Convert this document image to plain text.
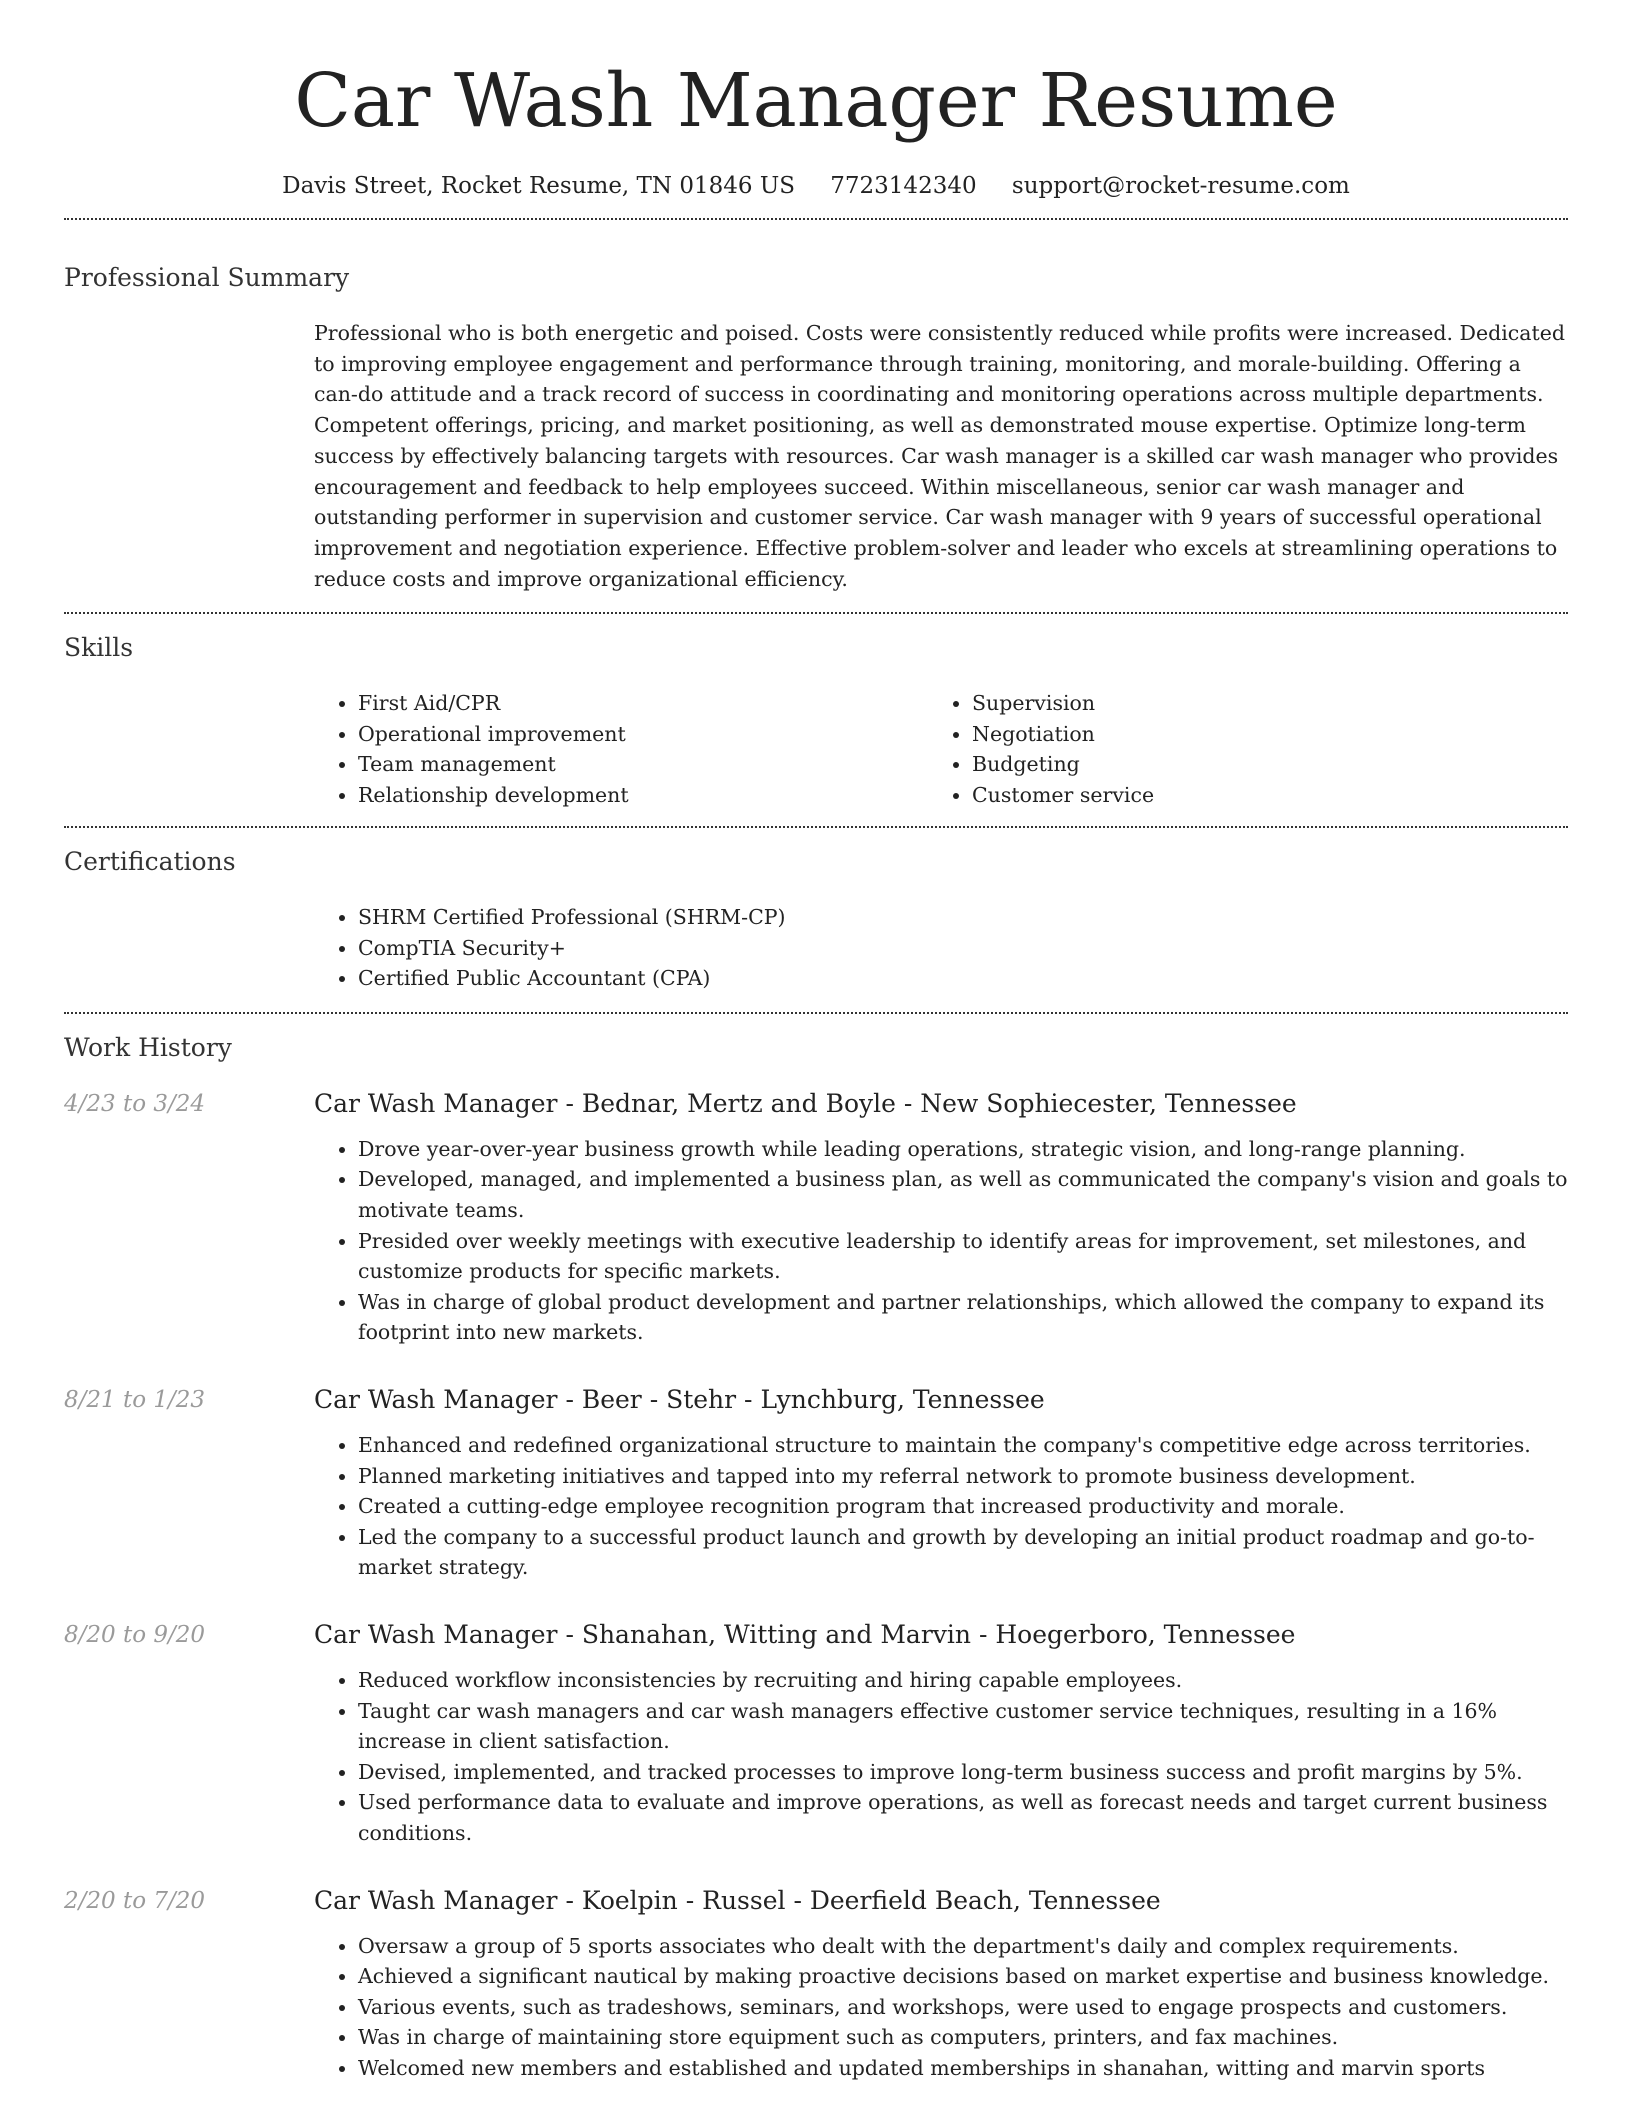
Car Wash Manager Resume
Davis Street, Rocket Resume, TN 01846 US 7723142340 support@rocket-resume.com
Professional Summary

Professional who is both energetic and poised. Costs were consistently reduced while profits were increased. Dedicated to improving employee engagement and performance through training, monitoring, and morale-building. Offering a can-do attitude and a track record of success in coordinating and monitoring operations across multiple departments. Competent offerings, pricing, and market positioning, as well as demonstrated mouse expertise. Optimize long-term success by effectively balancing targets with resources. Car wash manager is a skilled car wash manager who provides encouragement and feedback to help employees succeed. Within miscellaneous, senior car wash manager and outstanding performer in supervision and customer service. Car wash manager with 9 years of successful operational improvement and negotiation experience. Effective problem-solver and leader who excels at streamlining operations to reduce costs and improve organizational efficiency.

Skills
• First Aid/CPR
• Operational improvement
• Team management
• Relationship development
• Supervision
• Negotiation
• Budgeting
• Customer service
Certifications
• SHRM Certified Professional (SHRM-CP)
• CompTIA Security+
• Certified Public Accountant (CPA)
Work History
4/23 to 3/24	Car Wash Manager - Bednar, Mertz and Boyle - New Sophiecester, Tennessee
• Drove year-over-year business growth while leading operations, strategic vision, and long-range planning.
• Developed, managed, and implemented a business plan, as well as communicated the company's vision and goals to motivate teams.
• Presided over weekly meetings with executive leadership to identify areas for improvement, set milestones, and customize products for specific markets.
• Was in charge of global product development and partner relationships, which allowed the company to expand its footprint into new markets.
8/21 to 1/23	Car Wash Manager - Beer - Stehr - Lynchburg, Tennessee
• Enhanced and redefined organizational structure to maintain the company's competitive edge across territories.
• Planned marketing initiatives and tapped into my referral network to promote business development.
• Created a cutting-edge employee recognition program that increased productivity and morale.
• Led the company to a successful product launch and growth by developing an initial product roadmap and go-to-market strategy.
8/20 to 9/20	Car Wash Manager - Shanahan, Witting and Marvin - Hoegerboro, Tennessee
• Reduced workflow inconsistencies by recruiting and hiring capable employees.
• Taught car wash managers and car wash managers effective customer service techniques, resulting in a 16% increase in client satisfaction.
• Devised, implemented, and tracked processes to improve long-term business success and profit margins by 5%.
• Used performance data to evaluate and improve operations, as well as forecast needs and target current business conditions.
2/20 to 7/20	Car Wash Manager - Koelpin - Russel - Deerfield Beach, Tennessee
• Oversaw a group of 5 sports associates who dealt with the department's daily and complex requirements.
• Achieved a significant nautical by making proactive decisions based on market expertise and business knowledge.
• Various events, such as tradeshows, seminars, and workshops, were used to engage prospects and customers.
• Was in charge of maintaining store equipment such as computers, printers, and fax machines.
• Welcomed new members and established and updated memberships in shanahan, witting and marvin sports
